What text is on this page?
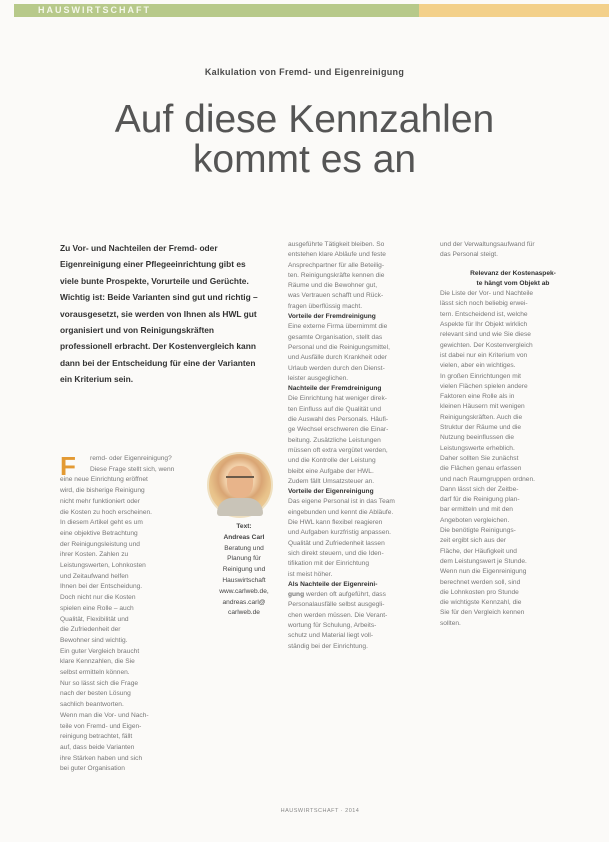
HAUSWIRTSCHAFT
Kalkulation von Fremd- und Eigenreinigung
Auf diese Kennzahlen
kommt es an

Zu Vor- und Nachteilen der Fremd- oder Eigenreinigung einer Pflegeeinrichtung gibt es viele bunte Prospekte, Vorurteile und Gerüchte. Wichtig ist: Beide Varianten sind gut und richtig – vorausgesetzt, sie werden von Ihnen als HWL gut organisiert und von Reinigungskräften professionell erbracht. Der Kostenvergleich kann dann bei der Entscheidung für eine der Varianten ein Kriterium sein.

Text:
Andreas Carl
Beratung und
Planung für
Reinigung und
Hauswirtschaft
www.carlweb.de,
andreas.carl@
carlweb.de
F	remd- oder Eigenreinigung?
Diese Frage stellt sich, wenn
eine neue Einrichtung eröffnet
wird, die bisherige Reinigung
nicht mehr funktioniert oder
die Kosten zu hoch erscheinen.
In diesem Artikel geht es um
eine objektive Betrachtung
der Reinigungsleistung und
ihrer Kosten. Zahlen zu
Leistungswerten, Lohnkosten
und Zeitaufwand helfen
Ihnen bei der Entscheidung.
Doch nicht nur die Kosten
spielen eine Rolle – auch
Qualität, Flexibilität und
die Zufriedenheit der
Bewohner sind wichtig.
Ein guter Vergleich braucht
klare Kennzahlen, die Sie
selbst ermitteln können.
Nur so lässt sich die Frage
nach der besten Lösung
sachlich beantworten.
Wenn man die Vor- und Nach-
teile von Fremd- und Eigen-
reinigung betrachtet, fällt
auf, dass beide Varianten
ihre Stärken haben und sich
bei guter Organisation
ausgeführte Tätigkeit bleiben. So
entstehen klare Abläufe und feste
Ansprechpartner für alle Beteilig-
ten. Reinigungskräfte kennen die
Räume und die Bewohner gut,
was Vertrauen schafft und Rück-
fragen überflüssig macht.
Vorteile der Fremdreinigung
Eine externe Firma übernimmt die
gesamte Organisation, stellt das
Personal und die Reinigungsmittel,
und Ausfälle durch Krankheit oder
Urlaub werden durch den Dienst-
leister ausgeglichen.
Nachteile der Fremdreinigung
Die Einrichtung hat weniger direk-
ten Einfluss auf die Qualität und
die Auswahl des Personals. Häufi-
ge Wechsel erschweren die Einar-
beitung. Zusätzliche Leistungen
müssen oft extra vergütet werden,
und die Kontrolle der Leistung
bleibt eine Aufgabe der HWL.
Zudem fällt Umsatzsteuer an.
Vorteile der Eigenreinigung
Das eigene Personal ist in das Team
eingebunden und kennt die Abläufe.
Die HWL kann flexibel reagieren
und Aufgaben kurzfristig anpassen.
Qualität und Zufriedenheit lassen
sich direkt steuern, und die Iden-
tifikation mit der Einrichtung
ist meist höher.
Als Nachteile der Eigenreini-
gung werden oft aufgeführt, dass
Personalausfälle selbst ausgegli-
chen werden müssen. Die Verant-
wortung für Schulung, Arbeits-
schutz und Material liegt voll-
ständig bei der Einrichtung.
und der Verwaltungsaufwand für
das Personal steigt.
Relevanz der Kostenaspek-
te hängt vom Objekt ab
Die Liste der Vor- und Nachteile
lässt sich noch beliebig erwei-
tern. Entscheidend ist, welche
Aspekte für Ihr Objekt wirklich
relevant sind und wie Sie diese
gewichten. Der Kostenvergleich
ist dabei nur ein Kriterium von
vielen, aber ein wichtiges.
In großen Einrichtungen mit
vielen Flächen spielen andere
Faktoren eine Rolle als in
kleinen Häusern mit wenigen
Reinigungskräften. Auch die
Struktur der Räume und die
Nutzung beeinflussen die
Leistungswerte erheblich.
Daher sollten Sie zunächst
die Flächen genau erfassen
und nach Raumgruppen ordnen.
Dann lässt sich der Zeitbe-
darf für die Reinigung plan-
bar ermitteln und mit den
Angeboten vergleichen.
Die benötigte Reinigungs-
zeit ergibt sich aus der
Fläche, der Häufigkeit und
dem Leistungswert je Stunde.
Wenn nun die Eigenreinigung
berechnet werden soll, sind
die Lohnkosten pro Stunde
die wichtigste Kennzahl, die
Sie für den Vergleich kennen
sollten.
HAUSWIRTSCHAFT · 2014
